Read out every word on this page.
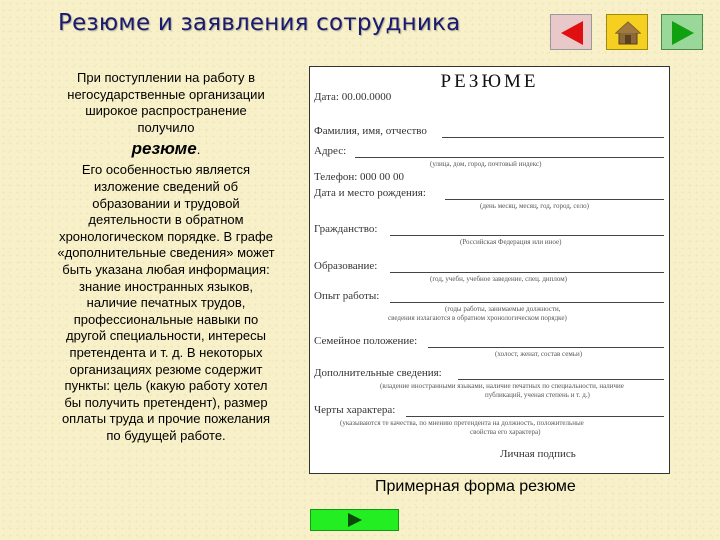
Резюме и заявления сотрудника
При поступлении на работу в негосударственные организации широкое распространение получило
резюме.
Его особенностью является изложение сведений об образовании и трудовой деятельности в обратном хронологическом порядке. В графе «дополнительные сведения» может быть указана любая информация: знание иностранных языков, наличие печатных трудов, профессиональные навыки по другой специальности, интересы претендента и т. д. В некоторых организациях резюме содержит пункты: цель (какую работу хотел бы получить претендент), размер оплаты труда и прочие пожелания по будущей работе.
РЕЗЮМЕ
Дата: 00.00.0000
Фамилия, имя, отчество
Адрес:
(улица, дом, город, почтовый индекс)
Телефон: 000 00 00
Дата и место рождения:
(день месяц, месяц, год, город, село)
Гражданство:
(Российская Федерация или иное)
Образование:
(год, учебн, учебное заведение, спец. диплом)
Опыт работы:
(годы работы, занимаемые должности,
сведения излагаются в обратном хронологическом порядке)
Семейное положение:
(холост, женат, состав семьи)
Дополнительные сведения:
(владение иностранными языками, наличие печатных по специальности, наличие
публикаций, ученая степень и т. д.)
Черты характера:
(указываются те качества, по мнению претендента на должность, положительные
свойства его характера)
Личная подпись
Примерная форма резюме
